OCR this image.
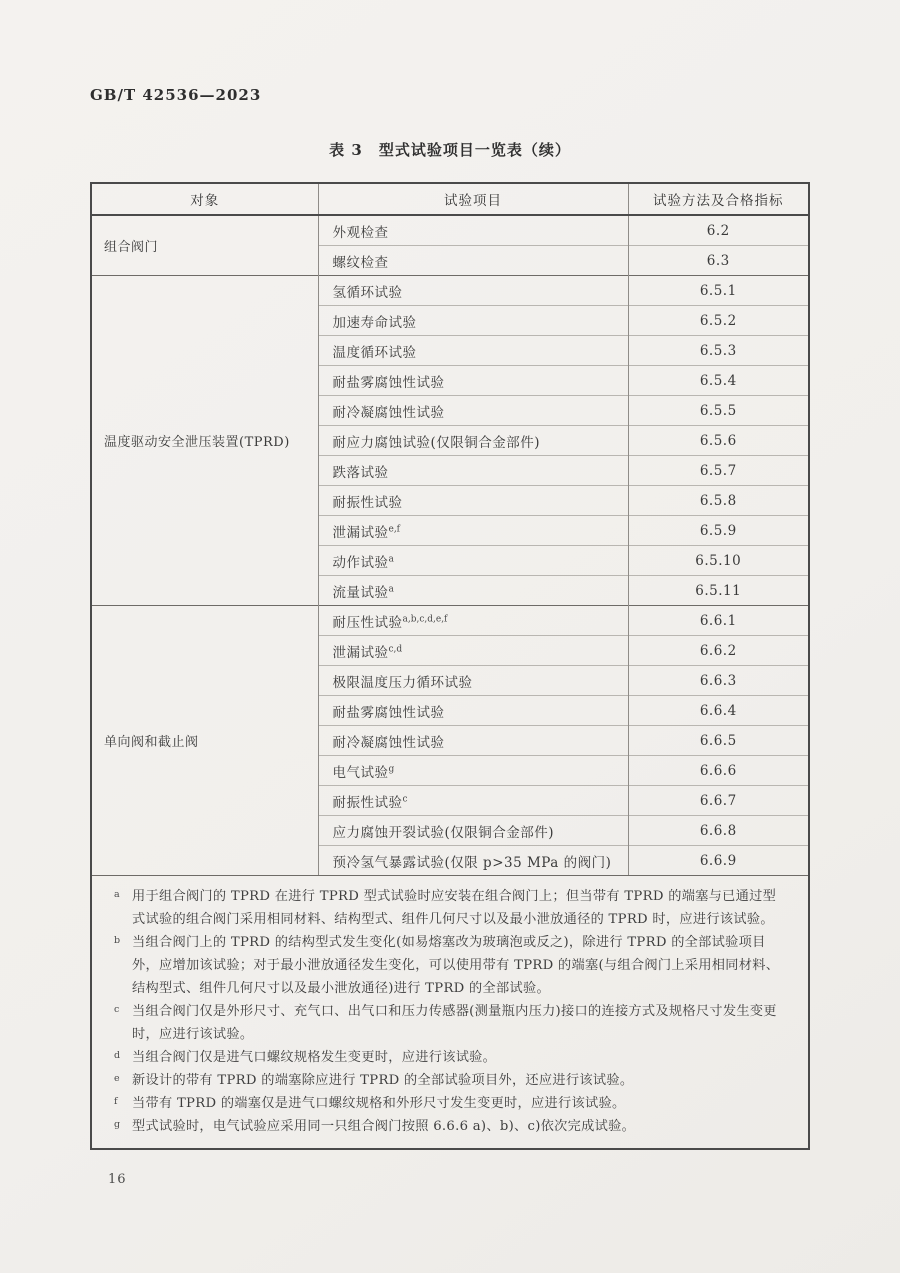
GB/T 42536—2023
表 3　型式试验项目一览表（续）
对象	试验项目	试验方法及合格指标
组合阀门	外观检查	6.2
	螺纹检查	6.3
温度驱动安全泄压装置(TPRD)	氢循环试验	6.5.1
	加速寿命试验	6.5.2
	温度循环试验	6.5.3
	耐盐雾腐蚀性试验	6.5.4
	耐冷凝腐蚀性试验	6.5.5
	耐应力腐蚀试验(仅限铜合金部件)	6.5.6
	跌落试验	6.5.7
	耐振性试验	6.5.8
	泄漏试验$^{e,f}$	6.5.9
	动作试验$^a$	6.5.10
	流量试验$^a$	6.5.11
单向阀和截止阀	耐压性试验$^{a,b,c,d,e,f}$	6.6.1
	泄漏试验$^{c,d}$	6.6.2
	极限温度压力循环试验	6.6.3
	耐盐雾腐蚀性试验	6.6.4
	耐冷凝腐蚀性试验	6.6.5
	电气试验$^g$	6.6.6
	耐振性试验$^c$	6.6.7
	应力腐蚀开裂试验(仅限铜合金部件)	6.6.8
	预冷氢气暴露试验(仅限 p>35 MPa 的阀门)	6.6.9
a 用于组合阀门的 TPRD 在进行 TPRD 型式试验时应安装在组合阀门上；但当带有 TPRD 的端塞与已通过型式试验的组合阀门采用相同材料、结构型式、组件几何尺寸以及最小泄放通径的 TPRD 时，应进行该试验。
b 当组合阀门上的 TPRD 的结构型式发生变化(如易熔塞改为玻璃泡或反之)，除进行 TPRD 的全部试验项目外，应增加该试验；对于最小泄放通径发生变化，可以使用带有 TPRD 的端塞(与组合阀门上采用相同材料、结构型式、组件几何尺寸以及最小泄放通径)进行 TPRD 的全部试验。
c 当组合阀门仅是外形尺寸、充气口、出气口和压力传感器(测量瓶内压力)接口的连接方式及规格尺寸发生变更时，应进行该试验。
d 当组合阀门仅是进气口螺纹规格发生变更时，应进行该试验。
e 新设计的带有 TPRD 的端塞除应进行 TPRD 的全部试验项目外，还应进行该试验。
f 当带有 TPRD 的端塞仅是进气口螺纹规格和外形尺寸发生变更时，应进行该试验。
g 型式试验时，电气试验应采用同一只组合阀门按照 6.6.6 a)、b)、c)依次完成试验。
16
